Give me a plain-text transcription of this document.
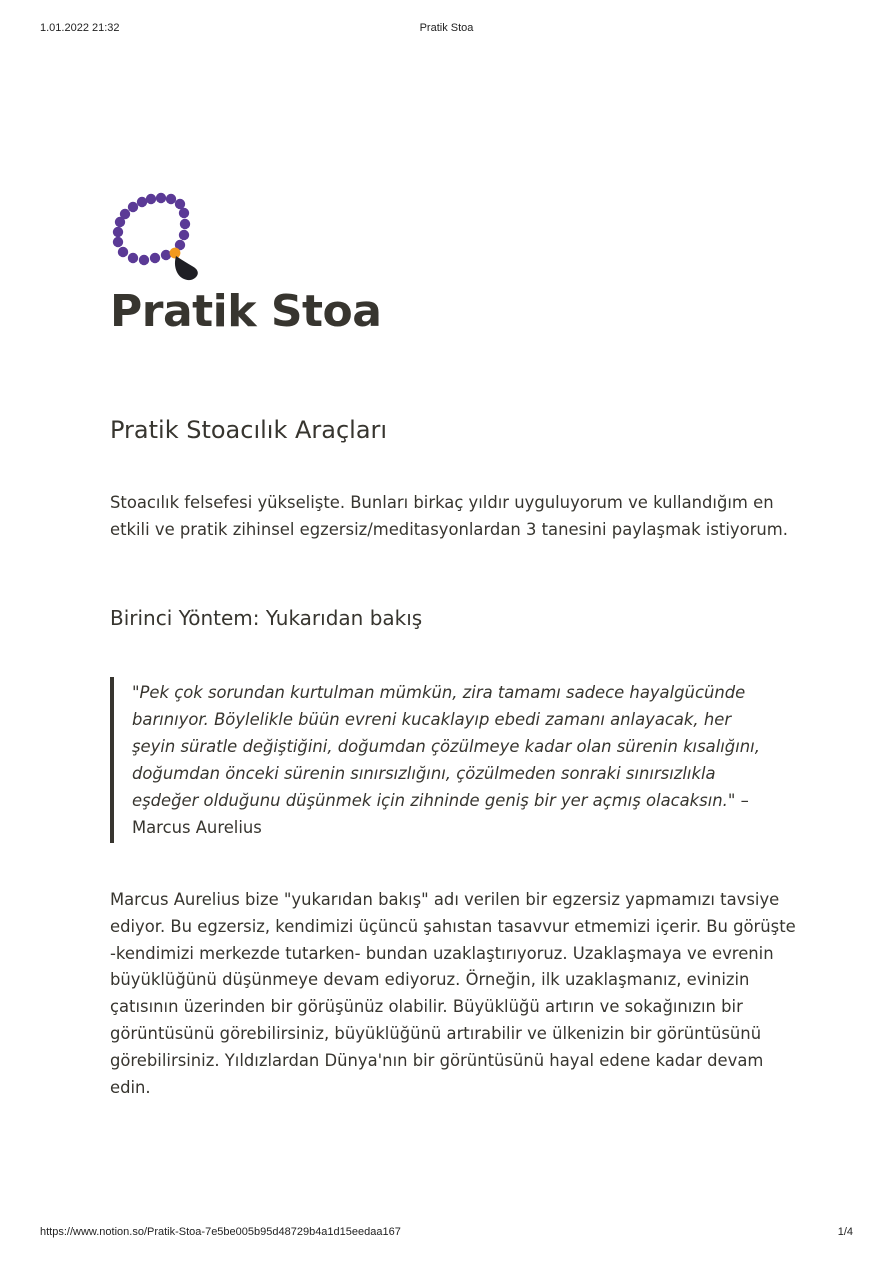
1.01.2022 21:32	Pratik Stoa
Pratik Stoa
Pratik Stoacılık Araçları

Stoacılık felsefesi yükselişte. Bunları birkaç yıldır uyguluyorum ve kullandığım en etkili ve pratik zihinsel egzersiz/meditasyonlardan 3 tanesini paylaşmak istiyorum.

Birinci Yöntem: Yukarıdan bakış
"Pek çok sorundan kurtulman mümkün, zira tamamı sadece hayalgücünde barınıyor. Böylelikle büün evreni kucaklayıp ebedi zamanı anlayacak, her şeyin süratle değiştiğini, doğumdan çözülmeye kadar olan sürenin kısalığını, doğumdan önceki sürenin sınırsızlığını, çözülmeden sonraki sınırsızlıkla eşdeğer olduğunu düşünmek için zihninde geniş bir yer açmış olacaksın." – Marcus Aurelius

Marcus Aurelius bize "yukarıdan bakış" adı verilen bir egzersiz yapmamızı tavsiye ediyor. Bu egzersiz, kendimizi üçüncü şahıstan tasavvur etmemizi içerir. Bu görüşte -kendimizi merkezde tutarken- bundan uzaklaştırıyoruz. Uzaklaşmaya ve evrenin büyüklüğünü düşünmeye devam ediyoruz. Örneğin, ilk uzaklaşmanız, evinizin çatısının üzerinden bir görüşünüz olabilir. Büyüklüğü artırın ve sokağınızın bir görüntüsünü görebilirsiniz, büyüklüğünü artırabilir ve ülkenizin bir görüntüsünü görebilirsiniz. Yıldızlardan Dünya'nın bir görüntüsünü hayal edene kadar devam edin.

https://www.notion.so/Pratik-Stoa-7e5be005b95d48729b4a1d15eedaa167	1/4
